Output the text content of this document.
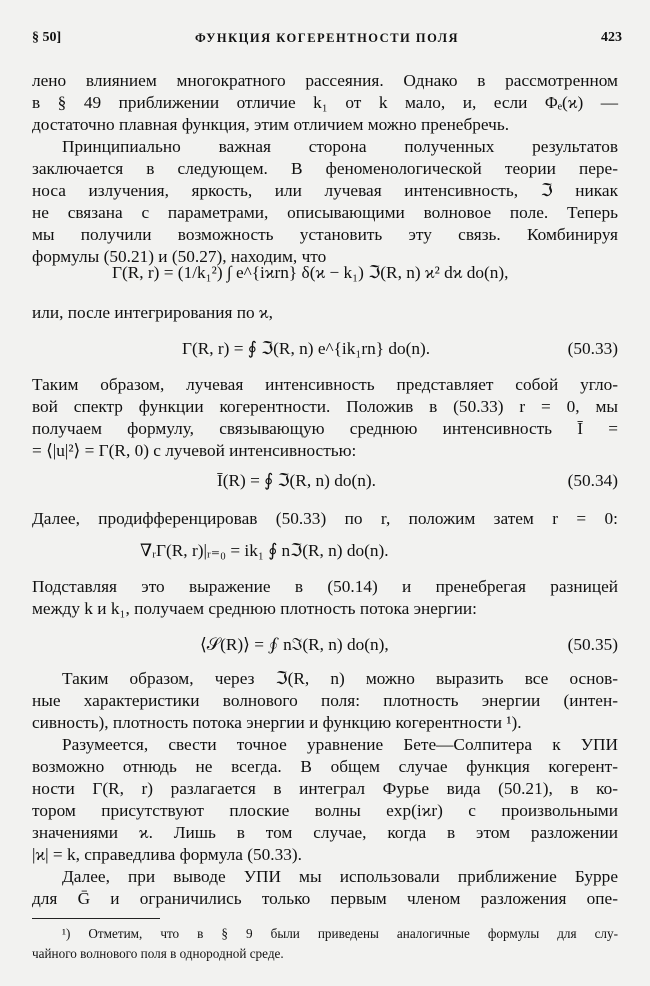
§ 50]	ФУНКЦИЯ КОГЕРЕНТНОСТИ ПОЛЯ	423
лено влиянием многократного рассеяния. Однако в рассмотренном
в § 49 приближении отличие k₁ от k мало, и, если Φₑ(ϰ) —
достаточно плавная функция, этим отличием можно пренебречь.
Принципиально важная сторона полученных результатов
заключается в следующем. В феноменологической теории пере-
носа излучения, яркость, или лучевая интенсивность, ℑ никак
не связана с параметрами, описывающими волновое поле. Теперь
мы получили возможность установить эту связь. Комбинируя
формулы (50.21) и (50.27), находим, что
Γ(R, r) = (1/k₁²) ∫ e^{iϰrn} δ(ϰ − k₁) ℑ(R, n) ϰ² dϰ do(n),
или, после интегрирования по ϰ,
Γ(R, r) = ∮ ℑ(R, n) e^{ik₁rn} do(n).	(50.33)
Таким образом, лучевая интенсивность представляет собой угло-
вой спектр функции когерентности. Положив в (50.33) r = 0, мы
получаем формулу, связывающую среднюю интенсивность Ī =
= ⟨|u|²⟩ = Γ(R, 0) с лучевой интенсивностью:
Ī(R) = ∮ ℑ(R, n) do(n).	(50.34)
Далее, продифференцировав (50.33) по r, положим затем r = 0:
∇ᵣΓ(R, r)|ᵣ₌₀ = ik₁ ∮ nℑ(R, n) do(n).
Подставляя это выражение в (50.14) и пренебрегая разницей
между k и k₁, получаем среднюю плотность потока энергии:
⟨𝒮(R)⟩ = ∮ nℑ(R, n) do(n),	(50.35)
Таким образом, через ℑ(R, n) можно выразить все основ-
ные характеристики волнового поля: плотность энергии (интен-
сивность), плотность потока энергии и функцию когерентности ¹).
Разумеется, свести точное уравнение Бете—Солпитера к УПИ
возможно отнюдь не всегда. В общем случае функция когерент-
ности Γ(R, r) разлагается в интеграл Фурье вида (50.21), в ко-
тором присутствуют плоские волны exp(iϰr) с произвольными
значениями ϰ. Лишь в том случае, когда в этом разложении
|ϰ| = k, справедлива формула (50.33).
Далее, при выводе УПИ мы использовали приближение Бурре
для Ḡ и ограничились только первым членом разложения опе-
¹) Отметим, что в § 9 были приведены аналогичные формулы для слу-
чайного волнового поля в однородной среде.
